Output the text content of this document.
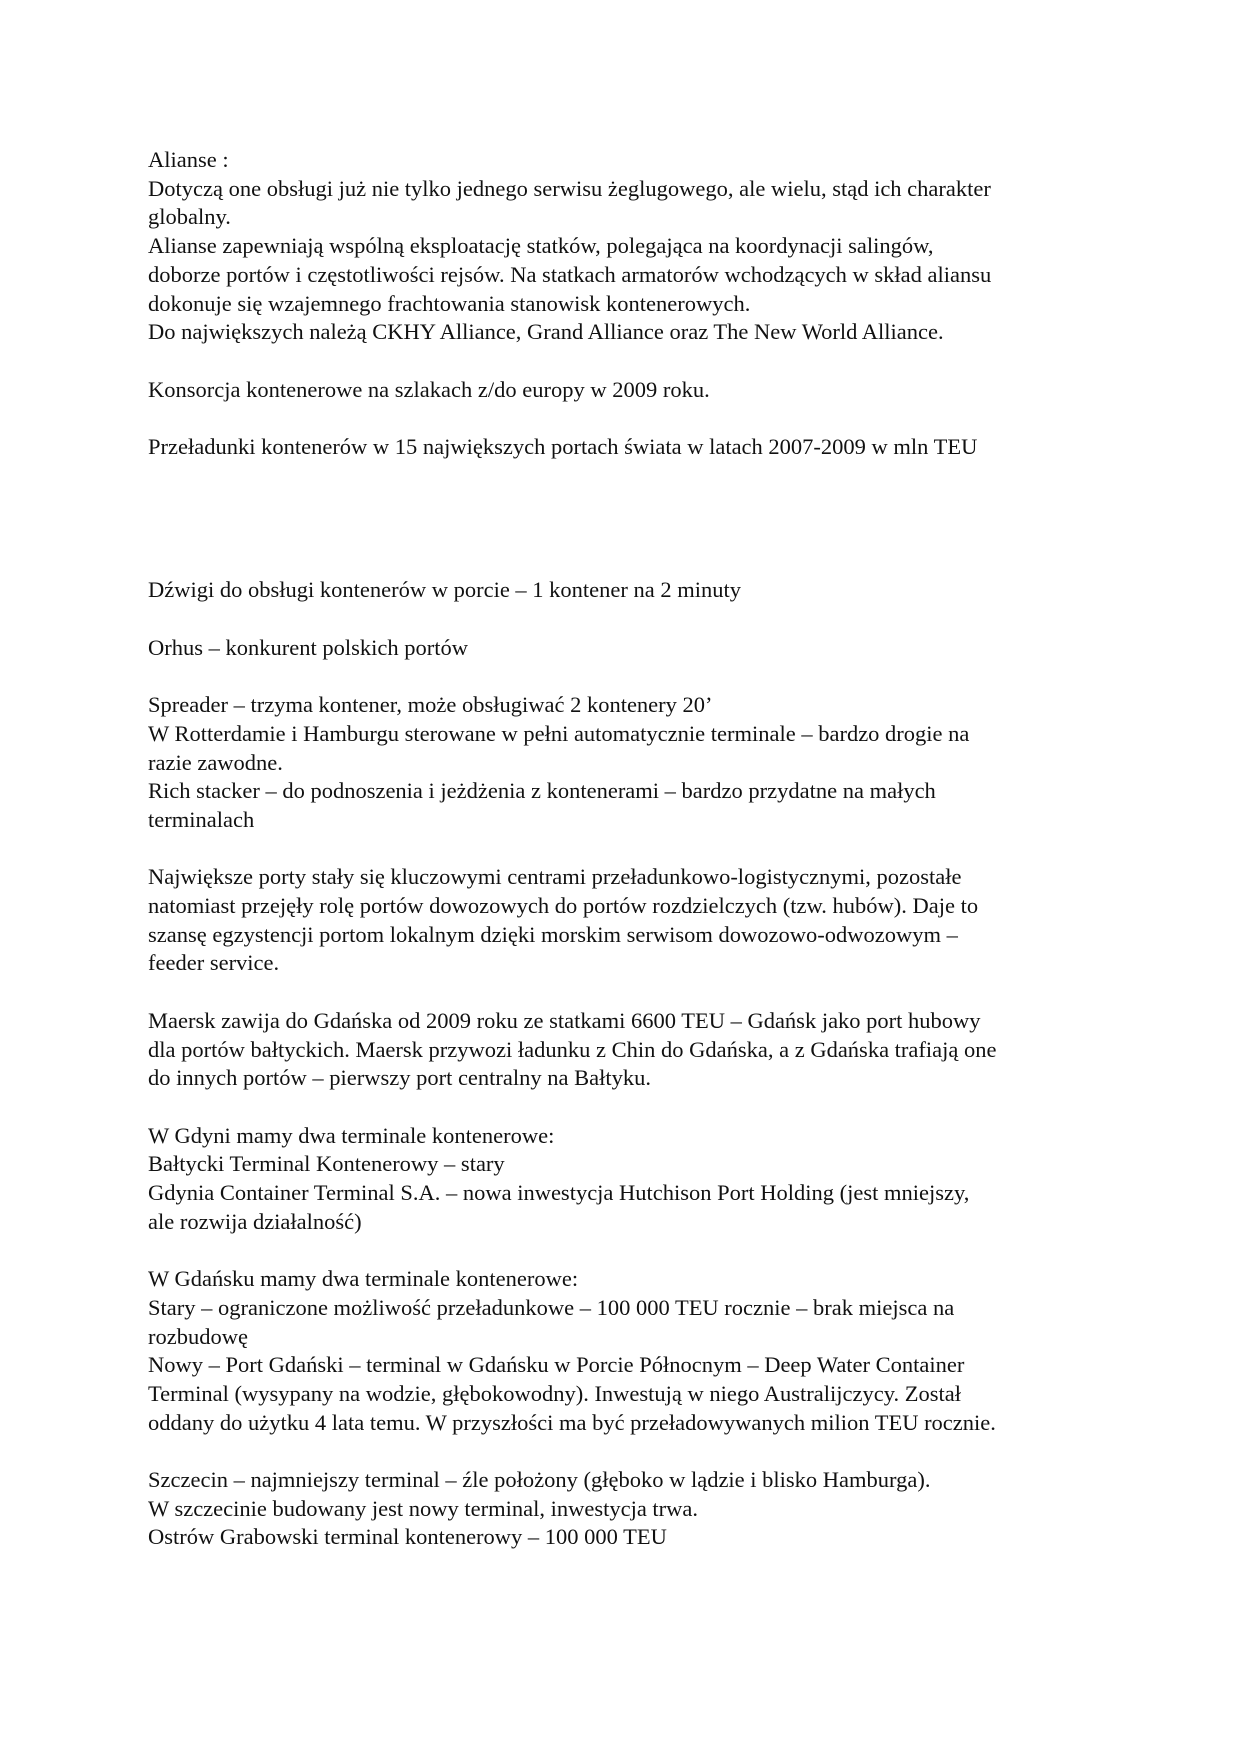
Alianse :
Dotyczą one obsługi już nie tylko jednego serwisu żeglugowego, ale wielu, stąd ich charakter
globalny.
Alianse zapewniają wspólną eksploatację statków, polegająca na koordynacji salingów,
doborze portów i częstotliwości rejsów. Na statkach armatorów wchodzących w skład aliansu
dokonuje się wzajemnego frachtowania stanowisk kontenerowych.
Do największych należą CKHY Alliance, Grand Alliance oraz The New World Alliance.
Konsorcja kontenerowe na szlakach z/do europy w 2009 roku.
Przeładunki kontenerów w 15 największych portach świata w latach 2007-2009 w mln TEU
Dźwigi do obsługi kontenerów w porcie – 1 kontener na 2 minuty
Orhus – konkurent polskich portów
Spreader – trzyma kontener, może obsługiwać 2 kontenery 20’
W Rotterdamie i Hamburgu sterowane w pełni automatycznie terminale – bardzo drogie na
razie zawodne.
Rich stacker – do podnoszenia i jeżdżenia z kontenerami – bardzo przydatne na małych
terminalach
Największe porty stały się kluczowymi centrami przeładunkowo-logistycznymi, pozostałe
natomiast przejęły rolę portów dowozowych do portów rozdzielczych (tzw. hubów). Daje to
szansę egzystencji portom lokalnym dzięki morskim serwisom dowozowo-odwozowym –
feeder service.
Maersk zawija do Gdańska od 2009 roku ze statkami 6600 TEU – Gdańsk jako port hubowy
dla portów bałtyckich. Maersk przywozi ładunku z Chin do Gdańska, a z Gdańska trafiają one
do innych portów – pierwszy port centralny na Bałtyku.
W Gdyni mamy dwa terminale kontenerowe:
Bałtycki Terminal Kontenerowy – stary
Gdynia Container Terminal S.A. – nowa inwestycja Hutchison Port Holding (jest mniejszy,
ale rozwija działalność)
W Gdańsku mamy dwa terminale kontenerowe:
Stary – ograniczone możliwość przeładunkowe – 100 000 TEU rocznie – brak miejsca na
rozbudowę
Nowy – Port Gdański – terminal w Gdańsku w Porcie Północnym – Deep Water Container
Terminal (wysypany na wodzie, głębokowodny). Inwestują w niego Australijczycy. Został
oddany do użytku 4 lata temu. W przyszłości ma być przeładowywanych milion TEU rocznie.
Szczecin – najmniejszy terminal – źle położony (głęboko w lądzie i blisko Hamburga).
W szczecinie budowany jest nowy terminal, inwestycja trwa.
Ostrów Grabowski terminal kontenerowy – 100 000 TEU
